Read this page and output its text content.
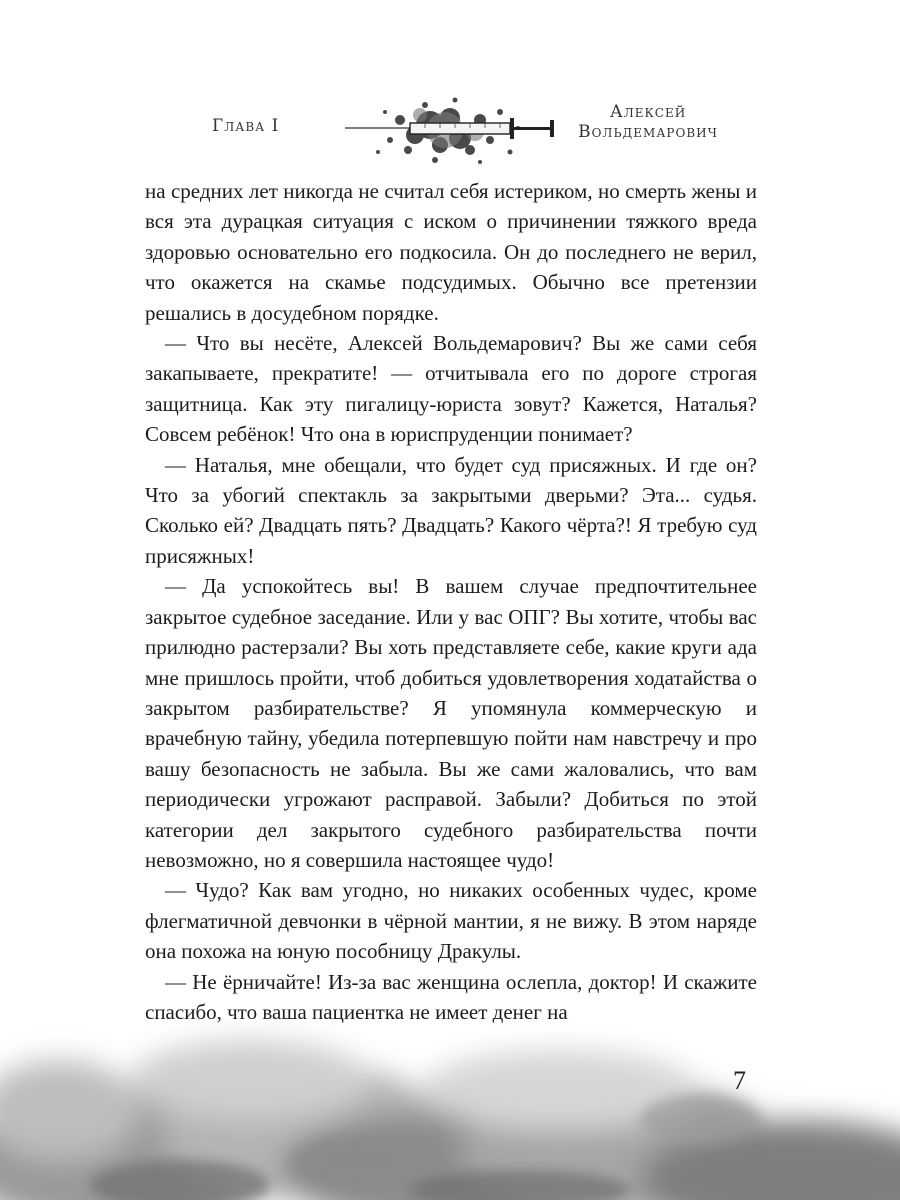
Глава I
Алексей
Вольдемарович

на средних лет никогда не считал себя истериком, но смерть жены и вся эта дурацкая ситуация с иском о причинении тяжкого вреда здоровью основательно его подкосила. Он до последнего не верил, что окажется на скамье подсудимых. Обычно все претензии решались в досудебном порядке.

— Что вы несёте, Алексей Вольдемарович? Вы же сами себя закапываете, прекратите! — отчитывала его по дороге строгая защитница. Как эту пигалицу-юриста зовут? Кажется, Наталья? Совсем ребёнок! Что она в юриспруденции понимает?

— Наталья, мне обещали, что будет суд присяжных. И где он? Что за убогий спектакль за закрытыми дверьми? Эта... судья. Сколько ей? Двадцать пять? Двадцать? Какого чёрта?! Я требую суд присяжных!

— Да успокойтесь вы! В вашем случае предпочтительнее закрытое судебное заседание. Или у вас ОПГ? Вы хотите, чтобы вас прилюдно растерзали? Вы хоть представляете себе, какие круги ада мне пришлось пройти, чтоб добиться удовлетворения ходатайства о закрытом разбирательстве? Я упомянула коммерческую и врачебную тайну, убедила потерпевшую пойти нам навстречу и про вашу безопасность не забыла. Вы же сами жаловались, что вам периодически угрожают расправой. Забыли? Добиться по этой категории дел закрытого судебного разбирательства почти невозможно, но я совершила настоящее чудо!

— Чудо? Как вам угодно, но никаких особенных чудес, кроме флегматичной девчонки в чёрной мантии, я не вижу. В этом наряде она похожа на юную пособницу Дракулы.

— Не ёрничайте! Из-за вас женщина ослепла, доктор! И скажите спасибо, что ваша пациентка не имеет денег на

7
